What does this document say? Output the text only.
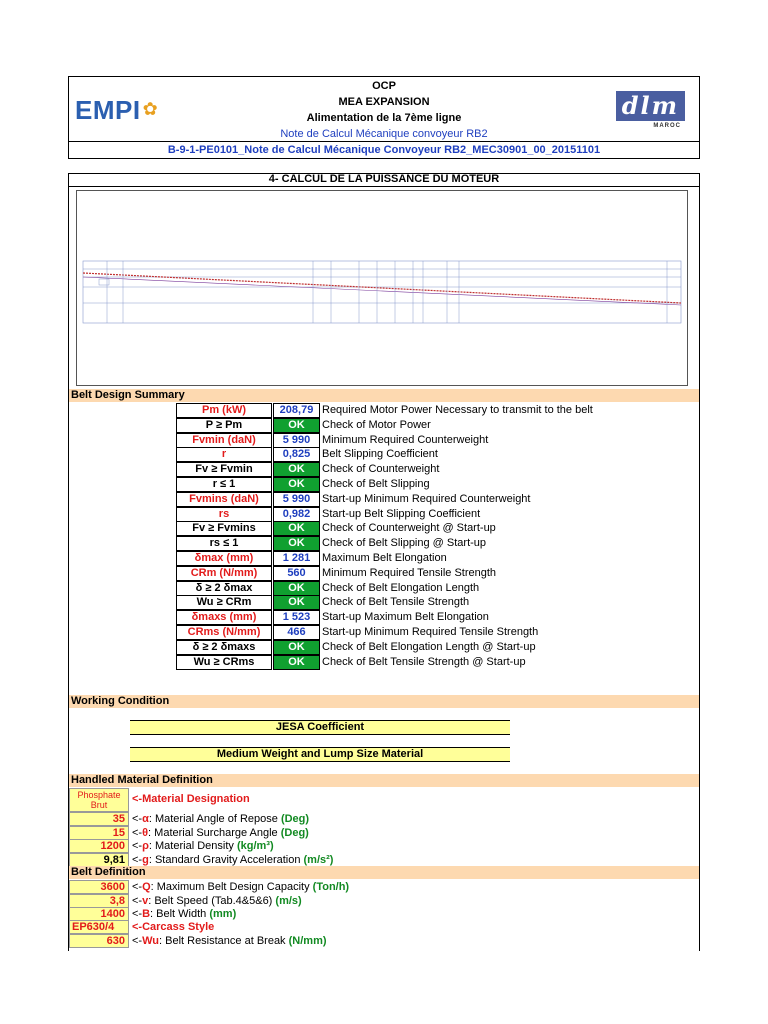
EMPI ✿
OCP
MEA EXPANSION
Alimentation de la 7ème ligne
Note de Calcul Mécanique convoyeur RB2
dlm
MAROC
B-9-1-PE0101_Note de Calcul Mécanique Convoyeur RB2_MEC30901_00_20151101
4- CALCUL DE LA PUISSANCE DU MOTEUR
Belt Design Summary
Pm (kW)	208,79 Required Motor Power Necessary to transmit to the belt
P ≥ Pm	OK	Check of Motor Power
Fvmin (daN)	5 990	Minimum Required Counterweight
r	0,825	Belt Slipping Coefficient
Fv ≥ Fvmin	OK	Check of Counterweight
r ≤ 1	OK	Check of Belt Slipping
Fvmins (daN)	5 990	Start-up Minimum Required Counterweight
rs	0,982	Start-up Belt Slipping Coefficient
Fv ≥ Fvmins	OK	Check of Counterweight @ Start-up
rs ≤ 1	OK	Check of Belt Slipping @ Start-up
δmax (mm)	1 281	Maximum Belt Elongation
CRm (N/mm)	560	Minimum Required Tensile Strength
δ ≥ 2 δmax	OK	Check of Belt Elongation Length
Wu ≥ CRm	OK	Check of Belt Tensile Strength
δmaxs (mm)	1 523	Start-up Maximum Belt Elongation
CRms (N/mm)	466	Start-up Minimum Required Tensile Strength
δ ≥ 2 δmaxs	OK	Check of Belt Elongation Length @ Start-up
Wu ≥ CRms	OK	Check of Belt Tensile Strength @ Start-up
Working Condition
JESA Coefficient
Medium Weight and Lump Size Material
Handled Material Definition
Phosphate Brut	<-Material Designation
35 <-α: Material Angle of Repose (Deg)
15 <-θ: Material Surcharge Angle (Deg)
1200 <-ρ: Material Density (kg/m³)
9,81 <-g: Standard Gravity Acceleration (m/s²)
Belt Definition
3600 <-Q: Maximum Belt Design Capacity (Ton/h)
3,8 <-v: Belt Speed (Tab.4&5&6) (m/s)
1400 <-B: Belt Width (mm)
EP630/4	<-Carcass Style
630 <-Wu: Belt Resistance at Break (N/mm)
